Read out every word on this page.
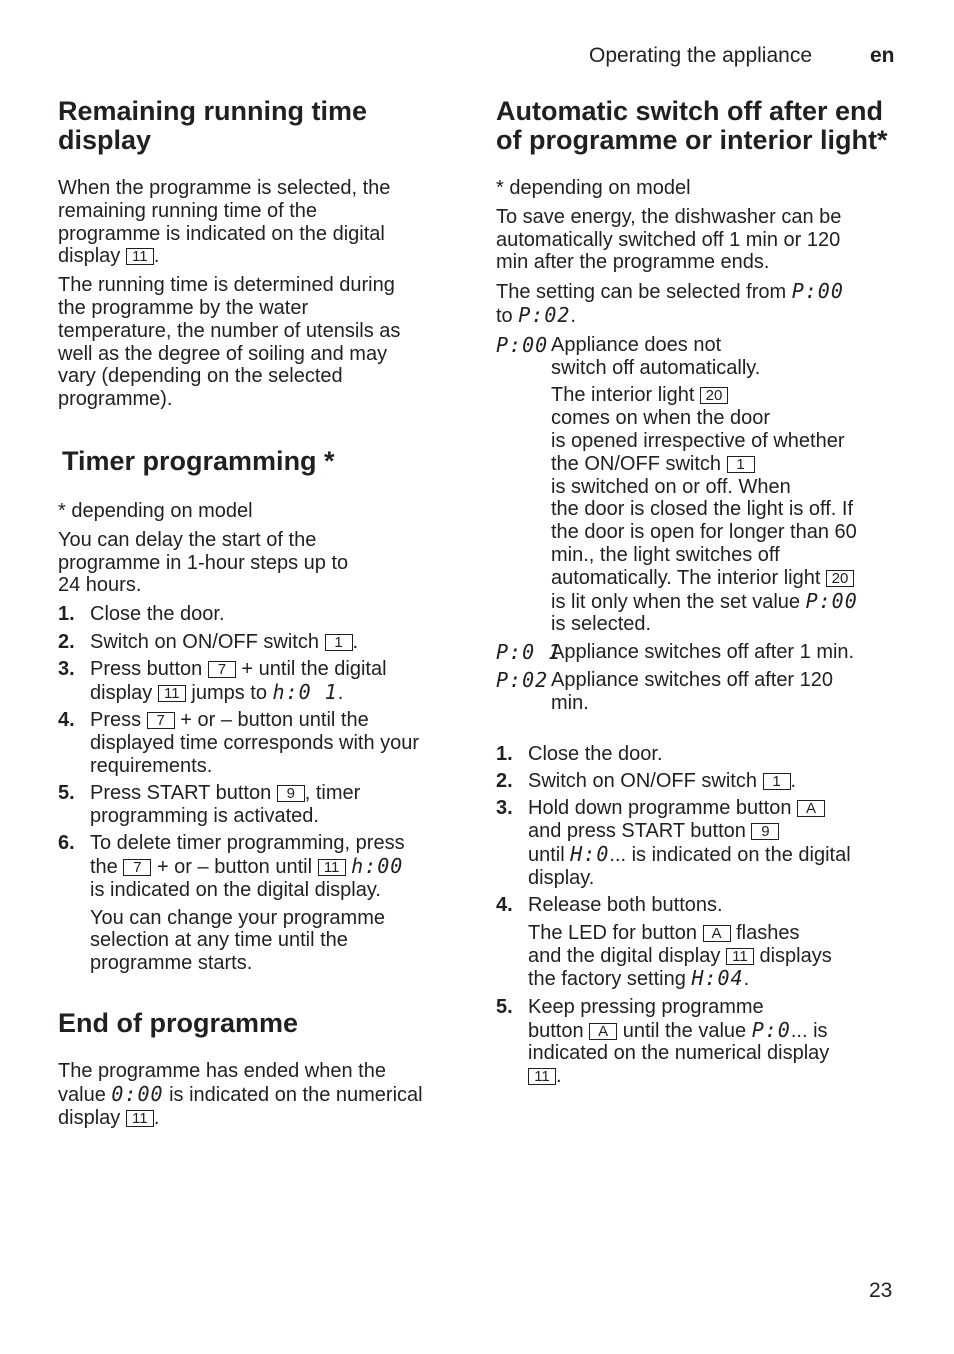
Operating the appliance	en
Remaining running time
display
When the programme is selected, the
remaining running time of the
programme is indicated on the digital
display 11 .
The running time is determined during
the programme by the water
temperature, the number of utensils as
well as the degree of soiling and may
vary (depending on the selected
programme).
Timer programming *
* depending on model
You can delay the start of the
programme in 1-hour steps up to
24 hours.
1. Close the door.
2. Switch on ON/OFF switch 1 .
3. Press button 7 + until the digital
display 11 jumps to h:0 1.
4. Press 7 + or – button until the
displayed time corresponds with your
requirements.
5. Press START button 9 , timer
programming is activated.
6. To delete timer programming, press
the 7 + or – button until 11 h:00
is indicated on the digital display.
You can change your programme
selection at any time until the
programme starts.
End of programme
The programme has ended when the
value 0:00 is indicated on the numerical
display 11 .
Automatic switch off after end
of programme or interior light*
* depending on model
To save energy, the dishwasher can be
automatically switched off 1 min or 120
min after the programme ends.
The setting can be selected from P:00
to P:02.
P:00 Appliance does not
switch off automatically.
The interior light 20
comes on when the door
is opened irrespective of whether
the ON/OFF switch 1
is switched on or off. When
the door is closed the light is off. If
the door is open for longer than 60
min., the light switches off
automatically. The interior light 20
is lit only when the set value P:00
is selected.
P:0 1
Appliance switches off after 1 min.
P:02 Appliance switches off after 120
min.
1. Close the door.
2. Switch on ON/OFF switch 1 .
3. Hold down programme button A
and press START button 9
until H:0... is indicated on the digital
display.
4. Release both buttons.
The LED for button A flashes
and the digital display 11 displays
the factory setting H:04.
5. Keep pressing programme
button A until the value P:0... is
indicated on the numerical display
11 .
23
